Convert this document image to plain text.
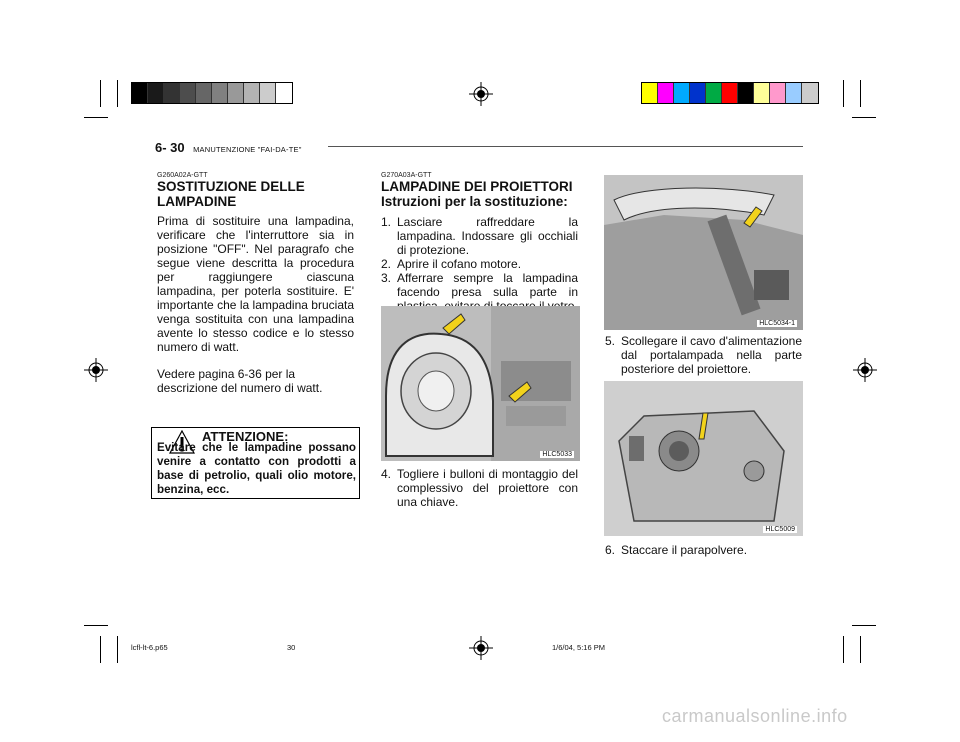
6- 30 MANUTENZIONE "FAI-DA-TE"
G260A02A-GTT
SOSTITUZIONE DELLE
LAMPADINE
Prima di sostituire una lampadina, verificare che l'interruttore sia in posizione "OFF". Nel paragrafo che segue viene descritta la procedura per raggiungere ciascuna lampadina, per poterla sostituire. E' importante che la lampadina bruciata venga sostituita con una lampadina avente lo stesso codice e lo stesso numero di watt.
Vedere pagina 6-36 per la descrizione del numero di watt.
ATTENZIONE:
Evitare che le lampadine possano venire a contatto con prodotti a base di petrolio, quali olio motore, benzina, ecc.
G270A03A-GTT
LAMPADINE DEI PROIETTORI
Istruzioni per la sostituzione:
1. Lasciare raffreddare la lampadina. Indossare gli occhiali di protezione.
2. Aprire il cofano motore.
3. Afferrare sempre la lampadina facendo presa sulla parte in
HLC5033
4. Togliere i bulloni di montaggio del complessivo del proiettore con una chiave.
HLC5034-1
5. Scollegare il cavo d'alimentazione dal portalampada nella parte posteriore del proiettore.
HLC5009
6. Staccare il parapolvere.
lcfl-lt-6.p65	30	1/6/04, 5:16 PM
carmanualsonline.info
